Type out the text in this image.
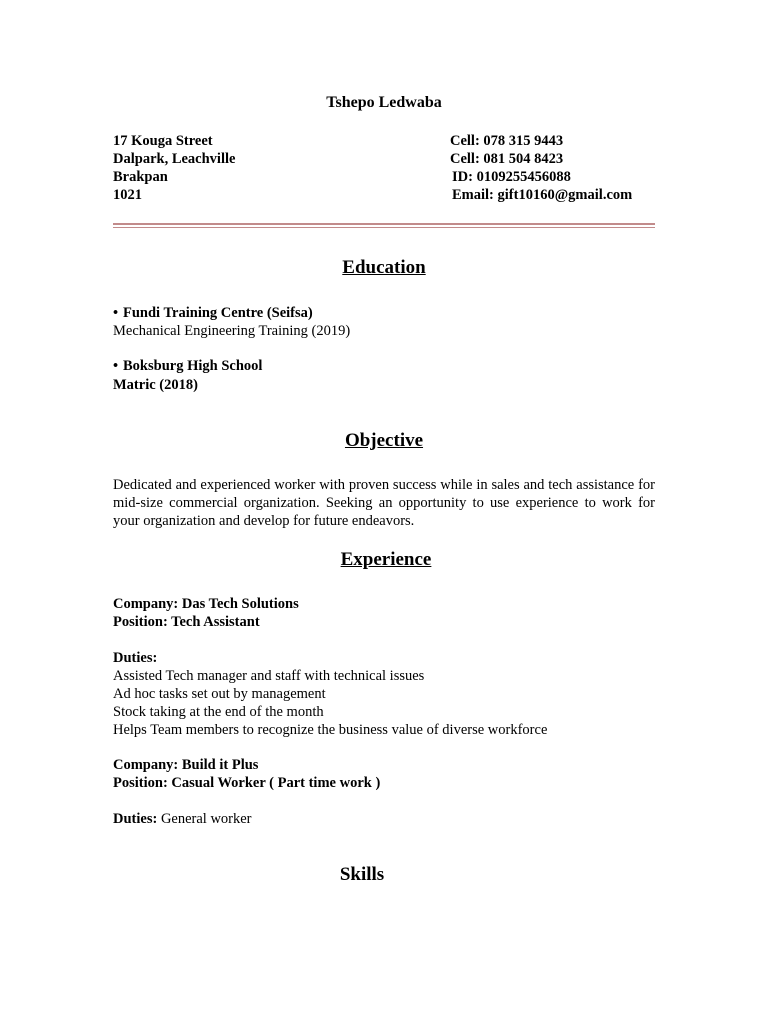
Tshepo Ledwaba
17 Kouga Street
Dalpark, Leachville
Brakpan
1021
Cell: 078 315 9443
Cell: 081 504 8423
ID: 0109255456088
Email: gift10160@gmail.com
Education
• Fundi Training Centre (Seifsa)
Mechanical Engineering Training (2019)
• Boksburg High School
Matric (2018)
Objective
Dedicated and experienced worker with proven success while in sales and tech assistance for mid-size commercial organization. Seeking an opportunity to use experience to work for your organization and develop for future endeavors.
Experience
Company: Das Tech Solutions
Position: Tech Assistant
Duties:
Assisted Tech manager and staff with technical issues
Ad hoc tasks set out by management
Stock taking at the end of the month
Helps Team members to recognize the business value of diverse workforce
Company: Build it Plus
Position: Casual Worker ( Part time work )
Duties: General worker
Skills
